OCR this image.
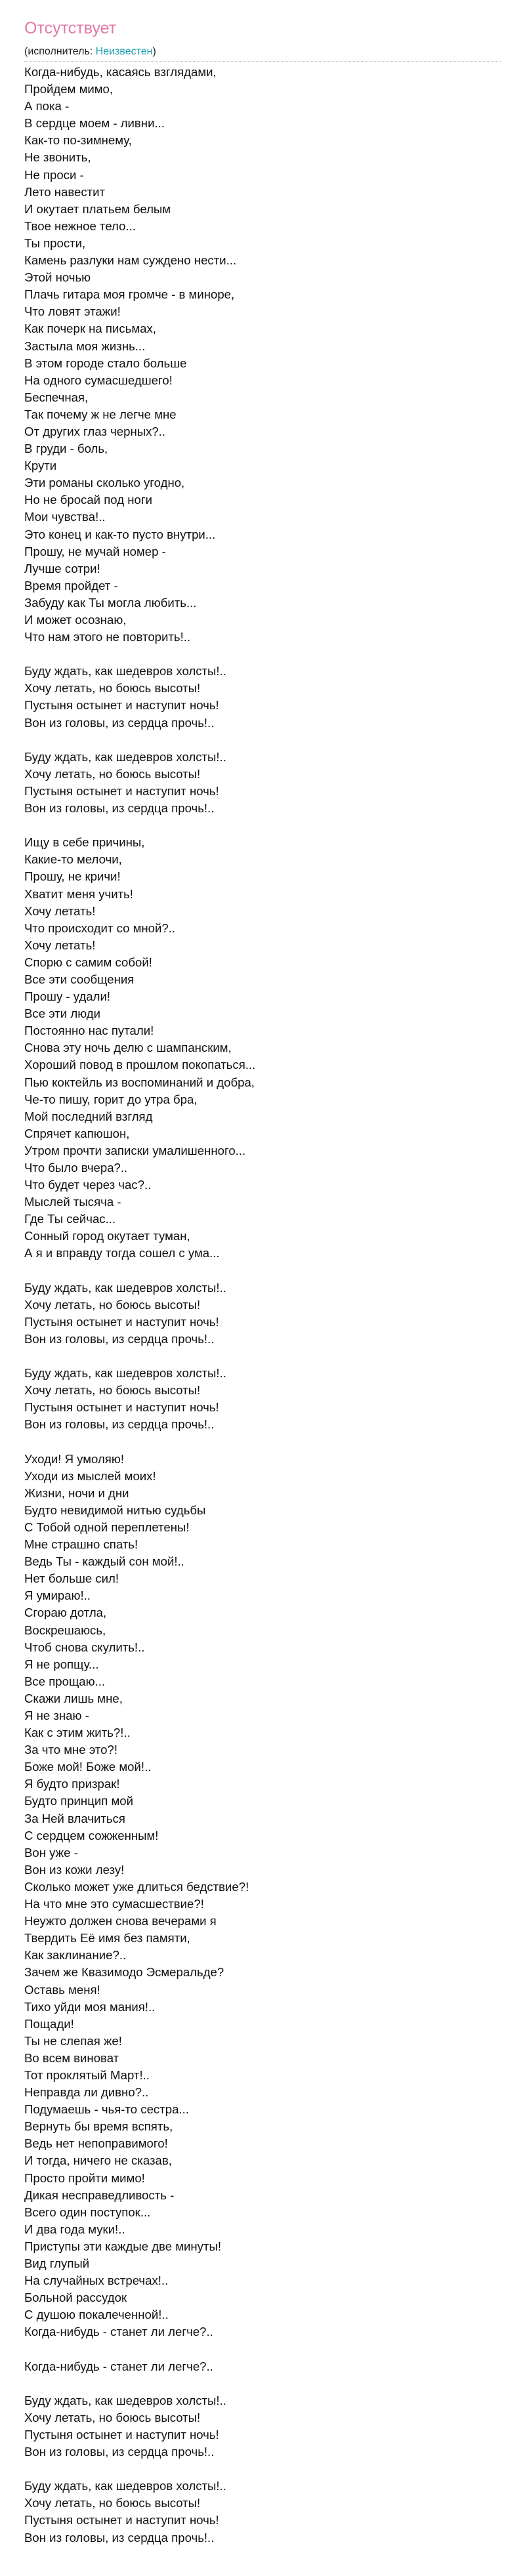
Отсутствует
(исполнитель: Неизвестен)
Когда-нибудь, касаясь взглядами,
Пройдем мимо,
А пока -
В сердце моем - ливни...
Как-то по-зимнему,
Не звонить,
Не проси -
Лето навестит
И окутает платьем белым
Твое нежное тело...
Ты прости,
Камень разлуки нам суждено нести...
Этой ночью
Плачь гитара моя громче - в миноре,
Что ловят этажи!
Как почерк на письмах,
Застыла моя жизнь...
В этом городе стало больше
На одного сумасшедшего!
Беспечная,
Так почему ж не легче мне
От других глаз черных?..
В груди - боль,
Крути
Эти романы сколько угодно,
Но не бросай под ноги
Мои чувства!..
Это конец и как-то пусто внутри...
Прошу, не мучай номер -
Лучше сотри!
Время пройдет -
Забуду как Ты могла любить...
И может осознаю,
Что нам этого не повторить!..
Буду ждать, как шедевров холсты!..
Хочу летать, но боюсь высоты!
Пустыня остынет и наступит ночь!
Вон из головы, из сердца прочь!..
Буду ждать, как шедевров холсты!..
Хочу летать, но боюсь высоты!
Пустыня остынет и наступит ночь!
Вон из головы, из сердца прочь!..
Ищу в себе причины,
Какие-то мелочи,
Прошу, не кричи!
Хватит меня учить!
Хочу летать!
Что происходит со мной?..
Хочу летать!
Спорю с самим собой!
Все эти сообщения
Прошу - удали!
Все эти люди
Постоянно нас путали!
Снова эту ночь делю с шампанским,
Хороший повод в прошлом покопаться...
Пью коктейль из воспоминаний и добра,
Че-то пишу, горит до утра бра,
Мой последний взгляд
Спрячет капюшон,
Утром прочти записки умалишенного...
Что было вчера?..
Что будет через час?..
Мыслей тысяча -
Где Ты сейчас...
Сонный город окутает туман,
А я и вправду тогда сошел с ума...
Буду ждать, как шедевров холсты!..
Хочу летать, но боюсь высоты!
Пустыня остынет и наступит ночь!
Вон из головы, из сердца прочь!..
Буду ждать, как шедевров холсты!..
Хочу летать, но боюсь высоты!
Пустыня остынет и наступит ночь!
Вон из головы, из сердца прочь!..
Уходи! Я умоляю!
Уходи из мыслей моих!
Жизни, ночи и дни
Будто невидимой нитью судьбы
С Тобой одной переплетены!
Мне страшно спать!
Ведь Ты - каждый сон мой!..
Нет больше сил!
Я умираю!..
Сгораю дотла,
Воскрешаюсь,
Чтоб снова скулить!..
Я не ропщу...
Все прощаю...
Скажи лишь мне,
Я не знаю -
Как с этим жить?!..
За что мне это?!
Боже мой! Боже мой!..
Я будто призрак!
Будто принцип мой
За Ней влачиться
С сердцем сожженным!
Вон уже -
Вон из кожи лезу!
Сколько может уже длиться бедствие?!
На что мне это сумасшествие?!
Неужто должен снова вечерами я
Твердить Её имя без памяти,
Как заклинание?..
Зачем же Квазимодо Эсмеральде?
Оставь меня!
Тихо уйди моя мания!..
Пощади!
Ты не слепая же!
Во всем виноват
Тот проклятый Март!..
Неправда ли дивно?..
Подумаешь - чья-то сестра...
Вернуть бы время вспять,
Ведь нет непоправимого!
И тогда, ничего не сказав,
Просто пройти мимо!
Дикая несправедливость -
Всего один поступок...
И два года муки!..
Приступы эти каждые две минуты!
Вид глупый
На случайных встречах!..
Больной рассудок
С душою покалеченной!..
Когда-нибудь - станет ли легче?..
Когда-нибудь - станет ли легче?..
Буду ждать, как шедевров холсты!..
Хочу летать, но боюсь высоты!
Пустыня остынет и наступит ночь!
Вон из головы, из сердца прочь!..
Буду ждать, как шедевров холсты!..
Хочу летать, но боюсь высоты!
Пустыня остынет и наступит ночь!
Вон из головы, из сердца прочь!..
